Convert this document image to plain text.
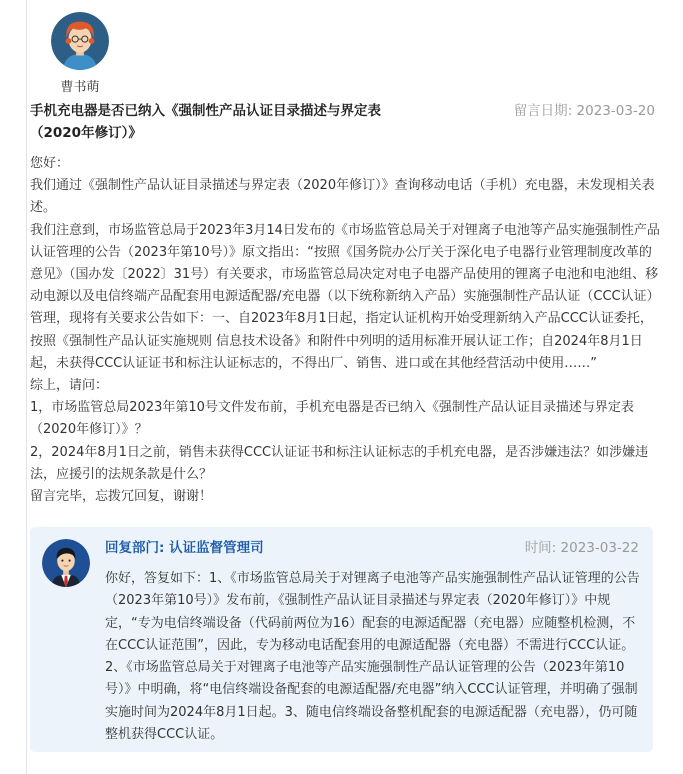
曹书萌
手机充电器是否已纳入《强制性产品认证目录描述与界定表（2020年修订）》
留言日期: 2023-03-20

您好：

我们通过《强制性产品认证目录描述与界定表（2020年修订）》查询移动电话（手机）充电器，未发现相关表述。

我们注意到，市场监管总局于2023年3月14日发布的《市场监管总局关于对锂离子电池等产品实施强制性产品认证管理的公告（2023年第10号）》原文指出：“按照《国务院办公厅关于深化电子电器行业管理制度改革的意见》（国办发〔2022〕31号）有关要求，市场监管总局决定对电子电器产品使用的锂离子电池和电池组、移动电源以及电信终端产品配套用电源适配器/充电器（以下统称新纳入产品）实施强制性产品认证（CCC认证）管理，现将有关要求公告如下：一、自2023年8月1日起，指定认证机构开始受理新纳入产品CCC认证委托，按照《强制性产品认证实施规则 信息技术设备》和附件中列明的适用标准开展认证工作；自2024年8月1日起，未获得CCC认证证书和标注认证标志的，不得出厂、销售、进口或在其他经营活动中使用……”

综上，请问：

1，市场监管总局2023年第10号文件发布前，手机充电器是否已纳入《强制性产品认证目录描述与界定表（2020年修订）》？

2，2024年8月1日之前，销售未获得CCC认证证书和标注认证标志的手机充电器，是否涉嫌违法？如涉嫌违法，应援引的法规条款是什么？

留言完毕，忘拨冗回复，谢谢！

回复部门: 认证监督管理司	时间: 2023-03-22
你好，答复如下：1、《市场监管总局关于对锂离子电池等产品实施强制性产品认证管理的公告（2023年第10号）》发布前，《强制性产品认证目录描述与界定表（2020年修订）》中规定，“专为电信终端设备（代码前两位为16）配套的电源适配器（充电器）应随整机检测，不在CCC认证范围”，因此，专为移动电话配套用的电源适配器（充电器）不需进行CCC认证。2、《市场监管总局关于对锂离子电池等产品实施强制性产品认证管理的公告（2023年第10号）》中明确，将“电信终端设备配套的电源适配器/充电器”纳入CCC认证管理，并明确了强制实施时间为2024年8月1日起。3、随电信终端设备整机配套的电源适配器（充电器），仍可随整机获得CCC认证。
